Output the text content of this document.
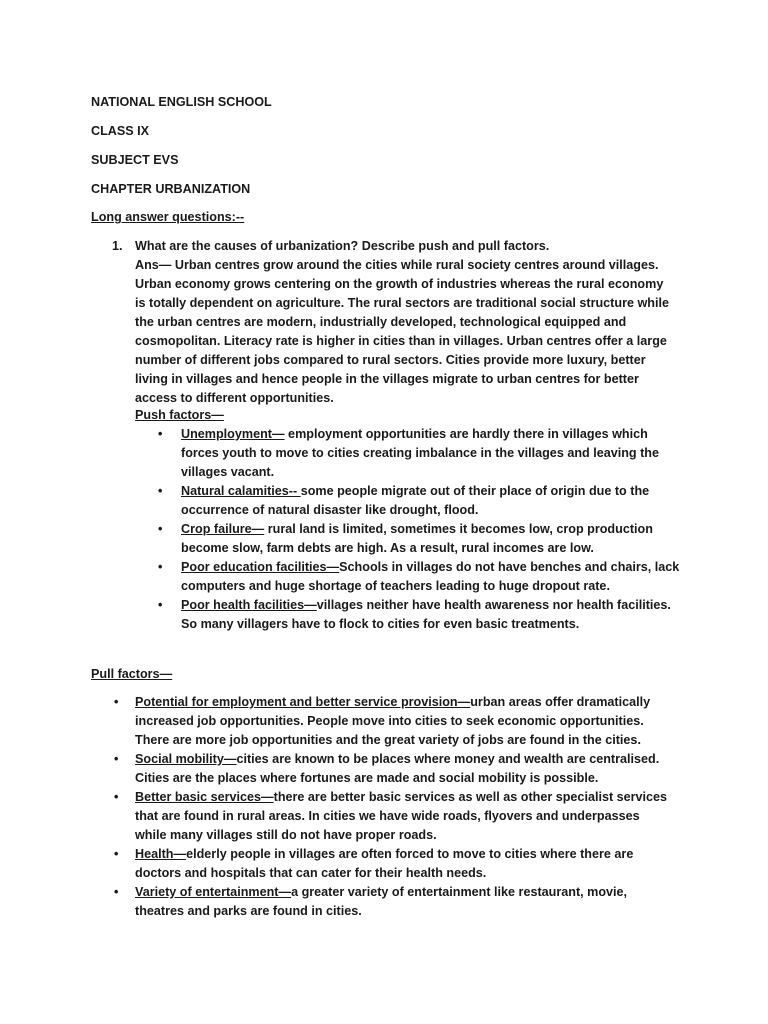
NATIONAL ENGLISH SCHOOL
CLASS IX
SUBJECT EVS
CHAPTER URBANIZATION
Long answer questions:--
1. What are the causes of urbanization? Describe push and pull factors.

Ans— Urban centres grow around the cities while rural society centres around villages. Urban economy grows centering on the growth of industries whereas the rural economy is totally dependent on agriculture. The rural sectors are traditional social structure while the urban centres are modern, industrially developed, technological equipped and cosmopolitan. Literacy rate is higher in cities than in villages. Urban centres offer a large number of different jobs compared to rural sectors. Cities provide more luxury, better living in villages and hence people in the villages migrate to urban centres for better access to different opportunities.

Push factors—
• Unemployment— employment opportunities are hardly there in villages which forces youth to move to cities creating imbalance in the villages and leaving the villages vacant.
• Natural calamities-- some people migrate out of their place of origin due to the occurrence of natural disaster like drought, flood.
• Crop failure— rural land is limited, sometimes it becomes low, crop production become slow, farm debts are high. As a result, rural incomes are low.
• Poor education facilities—Schools in villages do not have benches and chairs, lack computers and huge shortage of teachers leading to huge dropout rate.
• Poor health facilities—villages neither have health awareness nor health facilities. So many villagers have to flock to cities for even basic treatments.
Pull factors—
• Potential for employment and better service provision—urban areas offer dramatically increased job opportunities. People move into cities to seek economic opportunities. There are more job opportunities and the great variety of jobs are found in the cities.
• Social mobility—cities are known to be places where money and wealth are centralised. Cities are the places where fortunes are made and social mobility is possible.
• Better basic services—there are better basic services as well as other specialist services that are found in rural areas. In cities we have wide roads, flyovers and underpasses while many villages still do not have proper roads.
• Health—elderly people in villages are often forced to move to cities where there are doctors and hospitals that can cater for their health needs.
• Variety of entertainment—a greater variety of entertainment like restaurant, movie, theatres and parks are found in cities.
